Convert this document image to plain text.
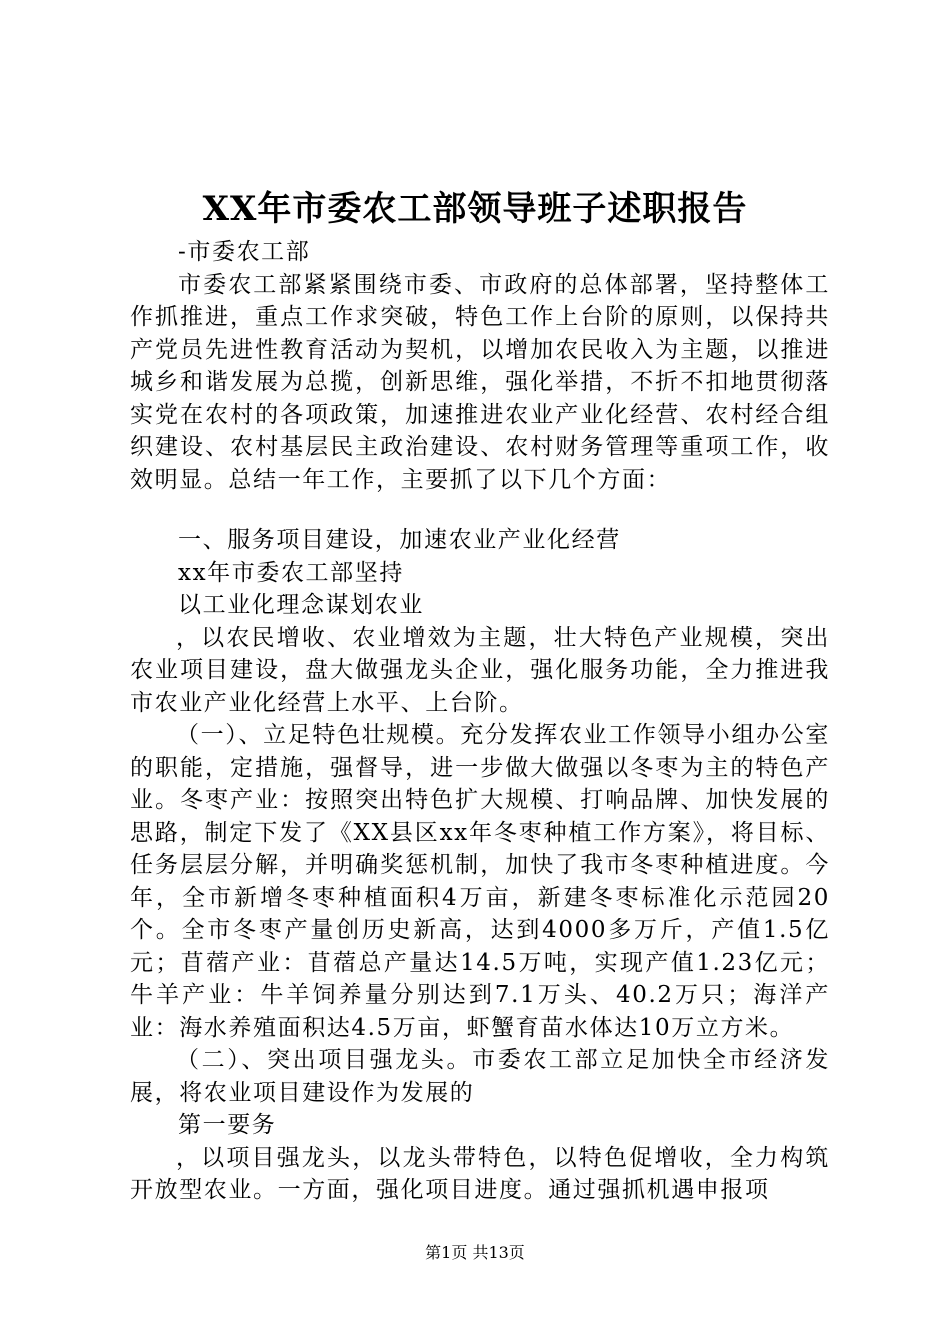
XX年市委农工部领导班子述职报告

-市委农工部

市委农工部紧紧围绕市委、市政府的总体部署，坚持整体工作抓推进，重点工作求突破，特色工作上台阶的原则，以保持共产党员先进性教育活动为契机，以增加农民收入为主题，以推进城乡和谐发展为总揽，创新思维，强化举措，不折不扣地贯彻落实党在农村的各项政策，加速推进农业产业化经营、农村经合组织建设、农村基层民主政治建设、农村财务管理等重项工作，收效明显。总结一年工作，主要抓了以下几个方面：

一、服务项目建设，加速农业产业化经营

xx年市委农工部坚持

以工业化理念谋划农业

，以农民增收、农业增效为主题，壮大特色产业规模，突出农业项目建设，盘大做强龙头企业，强化服务功能，全力推进我市农业产业化经营上水平、上台阶。

（一）、立足特色壮规模。充分发挥农业工作领导小组办公室的职能，定措施，强督导，进一步做大做强以冬枣为主的特色产业。冬枣产业：按照突出特色扩大规模、打响品牌、加快发展的思路，制定下发了《XX县区xx年冬枣种植工作方案》，将目标、任务层层分解，并明确奖惩机制，加快了我市冬枣种植进度。今年，全市新增冬枣种植面积4万亩，新建冬枣标准化示范园20个。全市冬枣产量创历史新高，达到4000多万斤，产值1.5亿元；苜蓿产业：苜蓿总产量达14.5万吨，实现产值1.23亿元；牛羊产业：牛羊饲养量分别达到7.1万头、40.2万只；海洋产业：海水养殖面积达4.5万亩，虾蟹育苗水体达10万立方米。

（二）、突出项目强龙头。市委农工部立足加快全市经济发展，将农业项目建设作为发展的

第一要务

，以项目强龙头，以龙头带特色，以特色促增收，全力构筑开放型农业。一方面，强化项目进度。通过强抓机遇申报项

第1页 共13页
